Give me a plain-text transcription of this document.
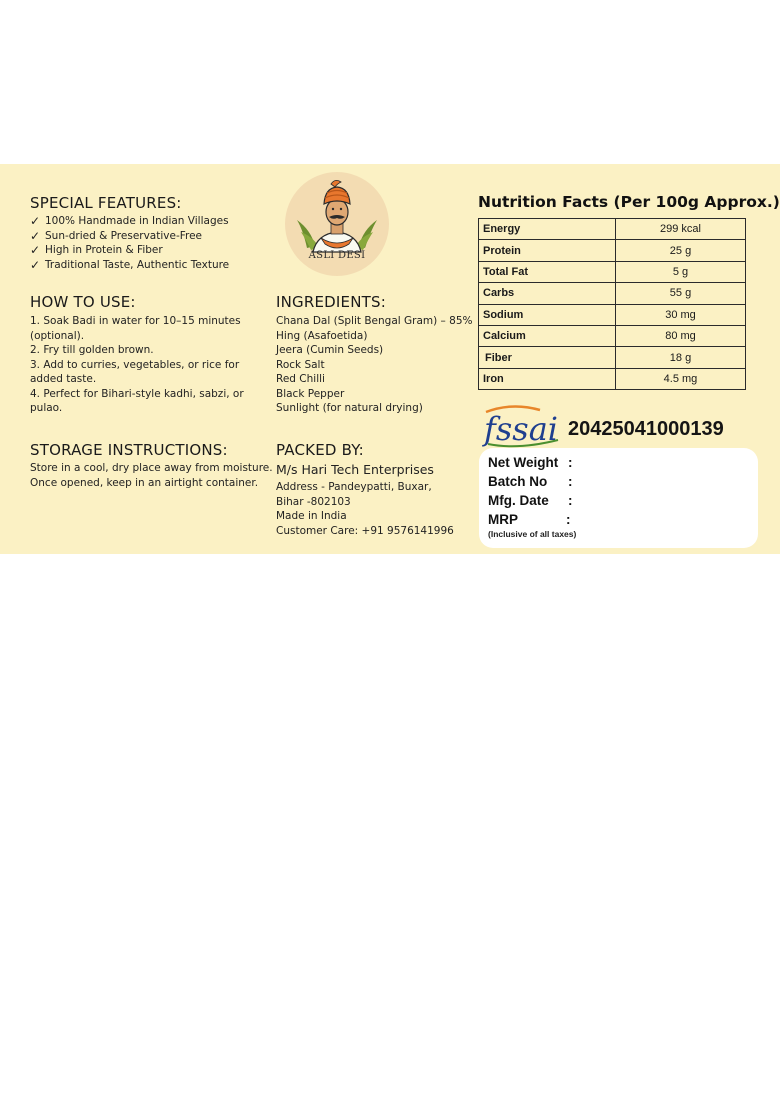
SPECIAL FEATURES:
✓ 100% Handmade in Indian Villages
✓ Sun-dried & Preservative-Free
✓ High in Protein & Fiber
✓ Traditional Taste, Authentic Texture
ASLI DESI
HOW TO USE:
1. Soak Badi in water for 10–15 minutes
(optional).
2. Fry till golden brown.
3. Add to curries, vegetables, or rice for
added taste.
4. Perfect for Bihari-style kadhi, sabzi, or
pulao.
INGREDIENTS:
Chana Dal (Split Bengal Gram) – 85%
Hing (Asafoetida)
Jeera (Cumin Seeds)
Rock Salt
Red Chilli
Black Pepper
Sunlight (for natural drying)
STORAGE INSTRUCTIONS:
Store in a cool, dry place away from moisture.
Once opened, keep in an airtight container.
PACKED BY:
M/s Hari Tech Enterprises
Address - Pandeypatti, Buxar,
Bihar -802103
Made in India
Customer Care: +91 9576141996
Nutrition Facts (Per 100g Approx.)
Energy	299 kcal
Protein	25 g
Total Fat	5 g
Carbs	55 g
Sodium	30 mg
Calcium	80 mg
Fiber	18 g
Iron	4.5 mg
fssai 20425041000139
Net Weight :
Batch No :
Mfg. Date :
MRP	:
(Inclusive of all taxes)
